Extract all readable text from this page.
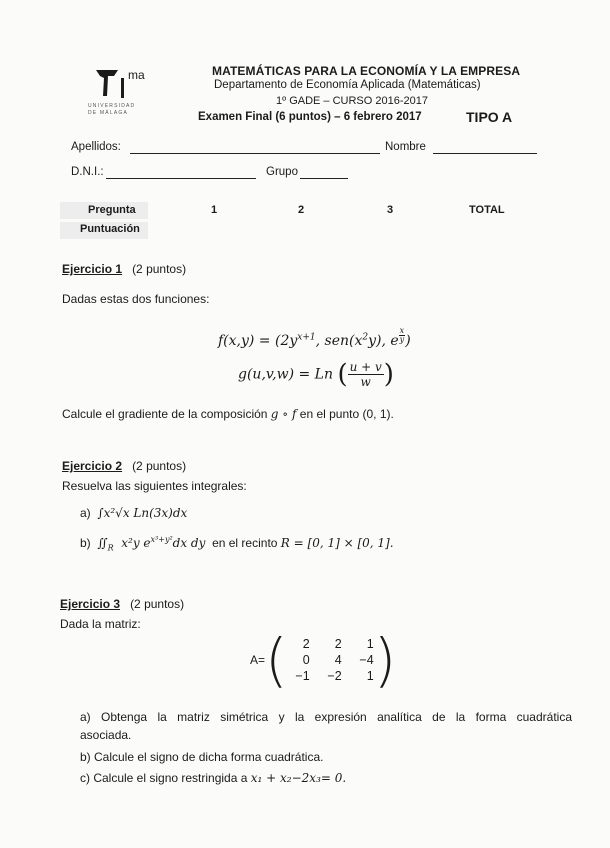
ma
UNIVERSIDAD
DE MÁLAGA
MATEMÁTICAS PARA LA ECONOMÍA Y LA EMPRESA
Departamento de Economía Aplicada (Matemáticas)
1º GADE – CURSO 2016-2017
Examen Final (6 puntos) – 6 febrero 2017	TIPO A
Apellidos:	Nombre
D.N.I.:	Grupo
Pregunta	1	2	3	TOTAL
Puntuación
Ejercicio 1 (2 puntos)
Dadas estas dos funciones:
$f(x,y) = (2y^{x+1}$, $sen(x^2y)$, e $\frac{x}{y}$ )
g(u,v,w) = Ln ( $\frac{u + v}{w}$ )
Calcule el gradiente de la composición g ∘ f en el punto (0, 1).
Ejercicio 2 (2 puntos)
Resuelva las siguientes integrales:
a) ∫x²√x Ln(3x)dx
b) $∬_R$ x²y $e^{x^3+y^2}dx$ dy en el recinto R = [0, 1] × [0, 1].
Ejercicio 3 (2 puntos)
Dada la matriz:
A= (	2	2	1
0	4	−4
−1	−2	1 )
a) Obtenga la matriz simétrica y la expresión analítica de la forma cuadrática
asociada.
b) Calcule el signo de dicha forma cuadrática.
c) Calcule el signo restringida a x₁ + x₂−2x₃= 0.
